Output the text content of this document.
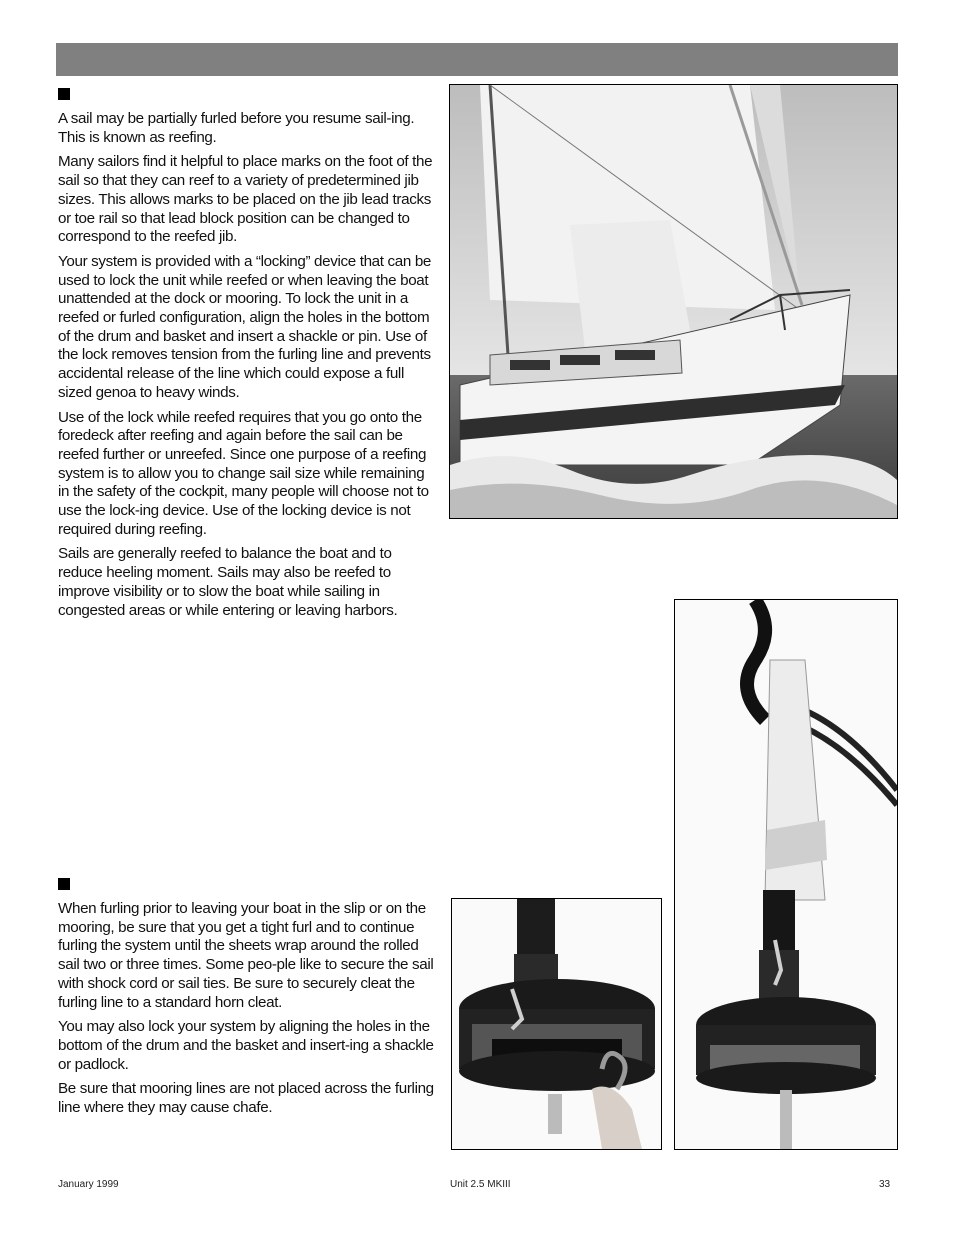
A sail may be partially furled before you resume sail-ing. This is known as reefing.

Many sailors find it helpful to place marks on the foot of the sail so that they can reef to a variety of predetermined jib sizes. This allows marks to be placed on the jib lead tracks or toe rail so that lead block position can be changed to correspond to the reefed jib.

Your system is provided with a “locking” device that can be used to lock the unit while reefed or when leaving the boat unattended at the dock or mooring. To lock the unit in a reefed or furled configuration, align the holes in the bottom of the drum and basket and insert a shackle or pin. Use of the lock removes tension from the furling line and prevents accidental release of the line which could expose a full sized genoa to heavy winds.

Use of the lock while reefed requires that you go onto the foredeck after reefing and again before the sail can be reefed further or unreefed. Since one purpose of a reefing system is to allow you to change sail size while remaining in the safety of the cockpit, many people will choose not to use the lock-ing device. Use of the locking device is not required during reefing.

Sails are generally reefed to balance the boat and to reduce heeling moment. Sails may also be reefed to improve visibility or to slow the boat while sailing in congested areas or while entering or leaving harbors.

When furling prior to leaving your boat in the slip or on the mooring, be sure that you get a tight furl and to continue furling the system until the sheets wrap around the rolled sail two or three times. Some peo-ple like to secure the sail with shock cord or sail ties. Be sure to securely cleat the furling line to a standard horn cleat.

You may also lock your system by aligning the holes in the bottom of the drum and the basket and insert-ing a shackle or padlock.

Be sure that mooring lines are not placed across the furling line where they may cause chafe.

January 1999	Unit 2.5 MKIII	33
